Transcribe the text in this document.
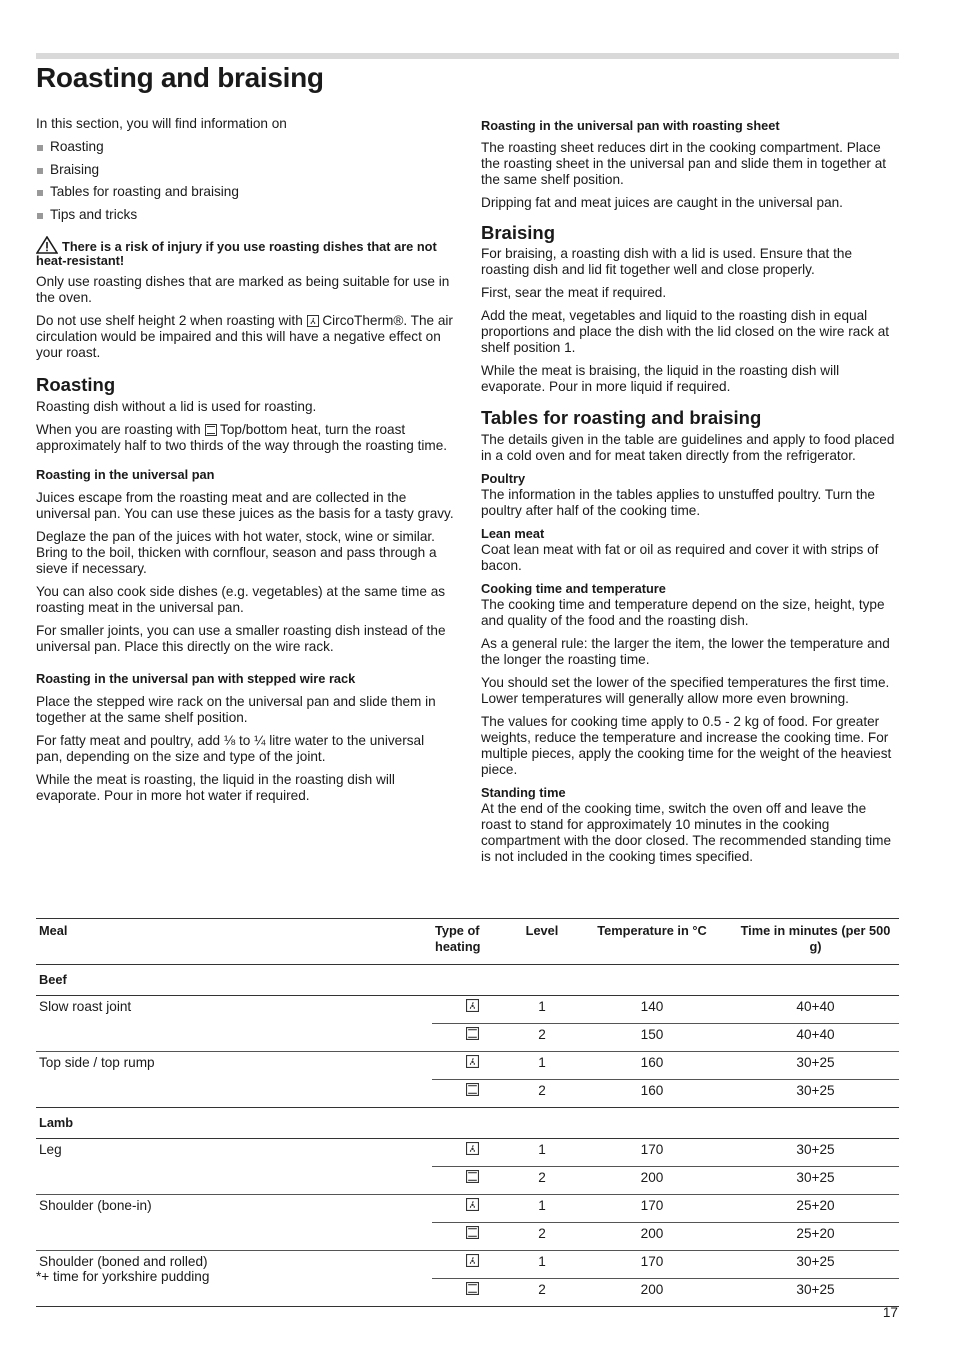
Roasting and braising

In this section, you will find information on

Roasting
Braising
Tables for roasting and braising
Tips and tricks
There is a risk of injury if you use roasting dishes that are not heat-resistant!

Only use roasting dishes that are marked as being suitable for use in the oven.

Do not use shelf height 2 when roasting with CircoTherm®. The air circulation would be impaired and this will have a negative effect on your roast.

Roasting

Roasting dish without a lid is used for roasting.

When you are roasting with Top/bottom heat, turn the roast approximately half to two thirds of the way through the roasting time.

Roasting in the universal pan

Juices escape from the roasting meat and are collected in the universal pan. You can use these juices as the basis for a tasty gravy.

Deglaze the pan of the juices with hot water, stock, wine or similar. Bring to the boil, thicken with cornflour, season and pass through a sieve if necessary.

You can also cook side dishes (e.g. vegetables) at the same time as roasting meat in the universal pan.

For smaller joints, you can use a smaller roasting dish instead of the universal pan. Place this directly on the wire rack.

Roasting in the universal pan with stepped wire rack

Place the stepped wire rack on the universal pan and slide them in together at the same shelf position.

For fatty meat and poultry, add ⅛ to ¼ litre water to the universal pan, depending on the size and type of the joint.

While the meat is roasting, the liquid in the roasting dish will evaporate. Pour in more hot water if required.

Roasting in the universal pan with roasting sheet

The roasting sheet reduces dirt in the cooking compartment. Place the roasting sheet in the universal pan and slide them in together at the same shelf position.

Dripping fat and meat juices are caught in the universal pan.

Braising

For braising, a roasting dish with a lid is used. Ensure that the roasting dish and lid fit together well and close properly.

First, sear the meat if required.

Add the meat, vegetables and liquid to the roasting dish in equal proportions and place the dish with the lid closed on the wire rack at shelf position 1.

While the meat is braising, the liquid in the roasting dish will evaporate. Pour in more liquid if required.

Tables for roasting and braising

The details given in the table are guidelines and apply to food placed in a cold oven and for meat taken directly from the refrigerator.

Poultry

The information in the tables applies to unstuffed poultry. Turn the poultry after half of the cooking time.

Lean meat

Coat lean meat with fat or oil as required and cover it with strips of bacon.

Cooking time and temperature

The cooking time and temperature depend on the size, height, type and quality of the food and the roasting dish.

As a general rule: the larger the item, the lower the temperature and the longer the roasting time.

You should set the lower of the specified temperatures the first time. Lower temperatures will generally allow more even browning.

The values for cooking time apply to 0.5 - 2 kg of food. For greater weights, reduce the temperature and increase the cooking time. For multiple pieces, apply the cooking time for the weight of the heaviest piece.

Standing time

At the end of the cooking time, switch the oven off and leave the roast to stand for approximately 10 minutes in the cooking compartment with the door closed. The recommended standing time is not included in the cooking times specified.

Meal	Type of heating	Level	Temperature in °C	Time in minutes (per 500 g)
Beef				
Slow roast joint		1	140	40+40
		2	150	40+40
Top side / top rump		1	160	30+25
		2	160	30+25
Lamb				
Leg		1	170	30+25
		2	200	30+25
Shoulder (bone-in)		1	170	25+20
		2	200	25+20
Shoulder (boned and rolled)		1	170	30+25
		2	200	30+25
*+ time for yorkshire pudding
17
